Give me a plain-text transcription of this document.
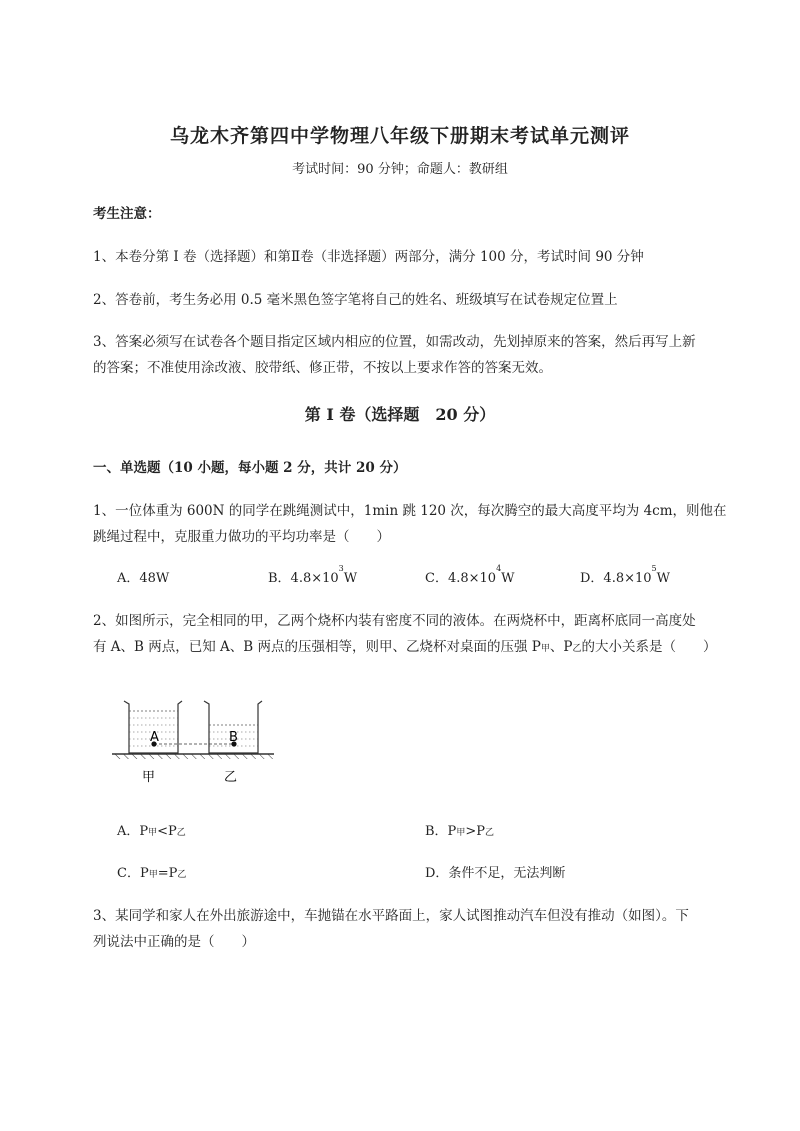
乌龙木齐第四中学物理八年级下册期末考试单元测评
考试时间：90 分钟；命题人：教研组
考生注意：
1、本卷分第 I 卷（选择题）和第Ⅱ卷（非选择题）两部分，满分 100 分，考试时间 90 分钟
2、答卷前，考生务必用 0.5 毫米黑色签字笔将自己的姓名、班级填写在试卷规定位置上
3、答案必须写在试卷各个题目指定区域内相应的位置，如需改动，先划掉原来的答案，然后再写上新
的答案；不准使用涂改液、胶带纸、修正带，不按以上要求作答的答案无效。
第 I 卷（选择题　20 分）
一、单选题（10 小题，每小题 2 分，共计 20 分）
1、一位体重为 600N 的同学在跳绳测试中，1min 跳 120 次，每次腾空的最大高度平均为 4cm，则他在
跳绳过程中，克服重力做功的平均功率是（　　）
A．48W	B．$4.8\times 10^3W$	C．$4.8\times 10^4W$	D．$4.8\times 10^5W$
2、如图所示，完全相同的甲，乙两个烧杯内装有密度不同的液体。在两烧杯中，距离杯底同一高度处
有 A、B 两点，已知 A、B 两点的压强相等，则甲、乙烧杯对桌面的压强 P甲、P乙的大小关系是（　　）
A	B
甲	乙
A．P甲<P乙	B．P甲>P乙
C．P甲=P乙	D．条件不足，无法判断
3、某同学和家人在外出旅游途中，车抛锚在水平路面上，家人试图推动汽车但没有推动（如图）。下
列说法中正确的是（　　）
